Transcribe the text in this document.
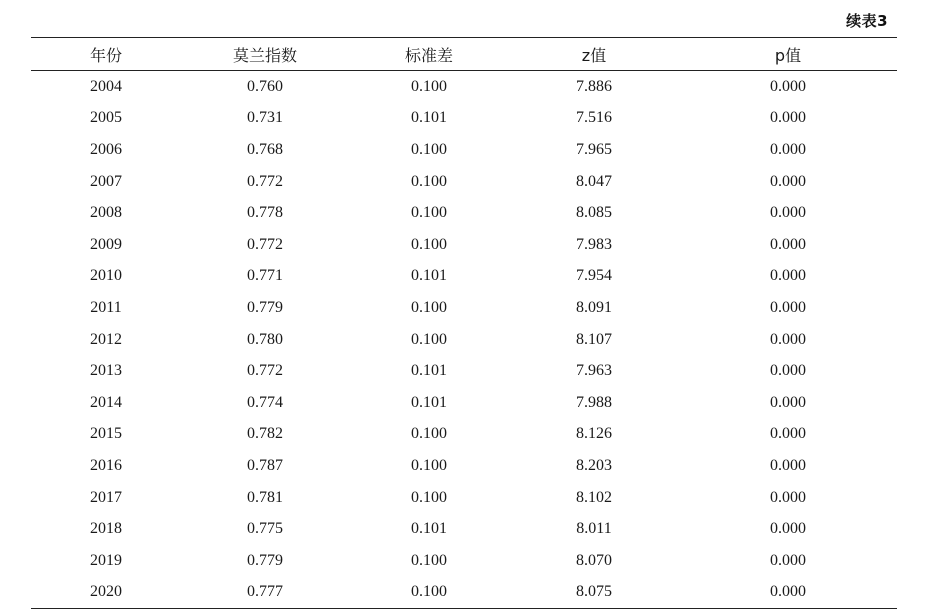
续表3
年份	莫兰指数	标准差	z值	p值
2004	0.760	0.100	7.886	0.000
2005	0.731	0.101	7.516	0.000
2006	0.768	0.100	7.965	0.000
2007	0.772	0.100	8.047	0.000
2008	0.778	0.100	8.085	0.000
2009	0.772	0.100	7.983	0.000
2010	0.771	0.101	7.954	0.000
2011	0.779	0.100	8.091	0.000
2012	0.780	0.100	8.107	0.000
2013	0.772	0.101	7.963	0.000
2014	0.774	0.101	7.988	0.000
2015	0.782	0.100	8.126	0.000
2016	0.787	0.100	8.203	0.000
2017	0.781	0.100	8.102	0.000
2018	0.775	0.101	8.011	0.000
2019	0.779	0.100	8.070	0.000
2020	0.777	0.100	8.075	0.000
